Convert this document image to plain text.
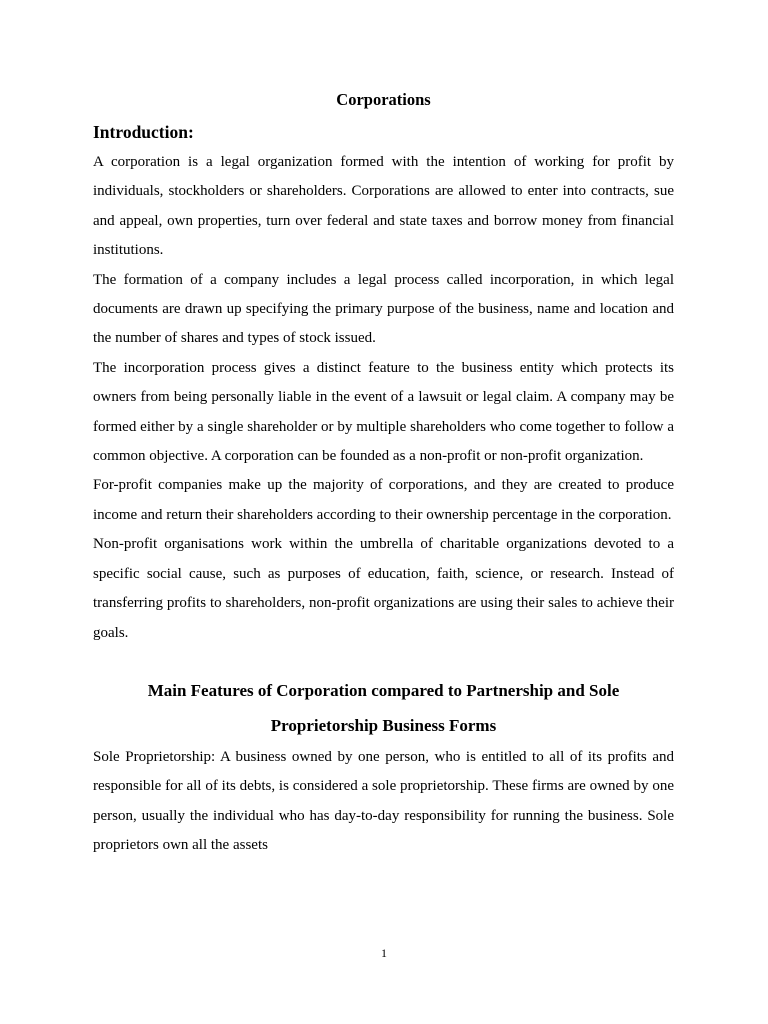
Corporations

Introduction:

A corporation is a legal organization formed with the intention of working for profit by individuals, stockholders or shareholders. Corporations are allowed to enter into contracts, sue and appeal, own properties, turn over federal and state taxes and borrow money from financial institutions.

The formation of a company includes a legal process called incorporation, in which legal documents are drawn up specifying the primary purpose of the business, name and location and the number of shares and types of stock issued.

The incorporation process gives a distinct feature to the business entity which protects its owners from being personally liable in the event of a lawsuit or legal claim. A company may be formed either by a single shareholder or by multiple shareholders who come together to follow a common objective. A corporation can be founded as a non-profit or non-profit organization.

For-profit companies make up the majority of corporations, and they are created to produce income and return their shareholders according to their ownership percentage in the corporation.

Non-profit organisations work within the umbrella of charitable organizations devoted to a specific social cause, such as purposes of education, faith, science, or research. Instead of transferring profits to shareholders, non-profit organizations are using their sales to achieve their goals.

Main Features of Corporation compared to Partnership and Sole Proprietorship Business Forms

Sole Proprietorship: A business owned by one person, who is entitled to all of its profits and responsible for all of its debts, is considered a sole proprietorship. These firms are owned by one person, usually the individual who has day-to-day responsibility for running the business. Sole proprietors own all the assets

1
